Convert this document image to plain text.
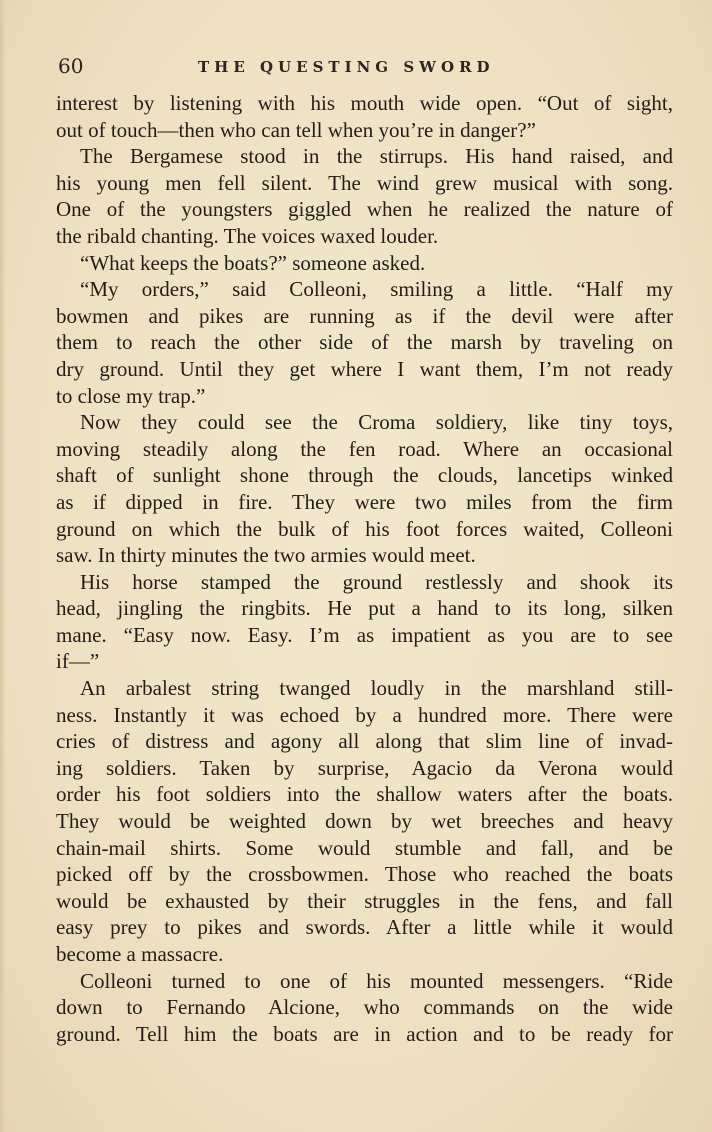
60	THE QUESTING SWORD
interest by listening with his mouth wide open. “Out of sight,
out of touch—then who can tell when you’re in danger?”
The Bergamese stood in the stirrups. His hand raised, and
his young men fell silent. The wind grew musical with song.
One of the youngsters giggled when he realized the nature of
the ribald chanting. The voices waxed louder.
“What keeps the boats?” someone asked.
“My orders,” said Colleoni, smiling a little. “Half my
bowmen and pikes are running as if the devil were after
them to reach the other side of the marsh by traveling on
dry ground. Until they get where I want them, I’m not ready
to close my trap.”
Now they could see the Croma soldiery, like tiny toys,
moving steadily along the fen road. Where an occasional
shaft of sunlight shone through the clouds, lancetips winked
as if dipped in fire. They were two miles from the firm
ground on which the bulk of his foot forces waited, Colleoni
saw. In thirty minutes the two armies would meet.
His horse stamped the ground restlessly and shook its
head, jingling the ringbits. He put a hand to its long, silken
mane. “Easy now. Easy. I’m as impatient as you are to see
if—”
An arbalest string twanged loudly in the marshland still-
ness. Instantly it was echoed by a hundred more. There were
cries of distress and agony all along that slim line of invad-
ing soldiers. Taken by surprise, Agacio da Verona would
order his foot soldiers into the shallow waters after the boats.
They would be weighted down by wet breeches and heavy
chain-mail shirts. Some would stumble and fall, and be
picked off by the crossbowmen. Those who reached the boats
would be exhausted by their struggles in the fens, and fall
easy prey to pikes and swords. After a little while it would
become a massacre.
Colleoni turned to one of his mounted messengers. “Ride
down to Fernando Alcione, who commands on the wide
ground. Tell him the boats are in action and to be ready for
